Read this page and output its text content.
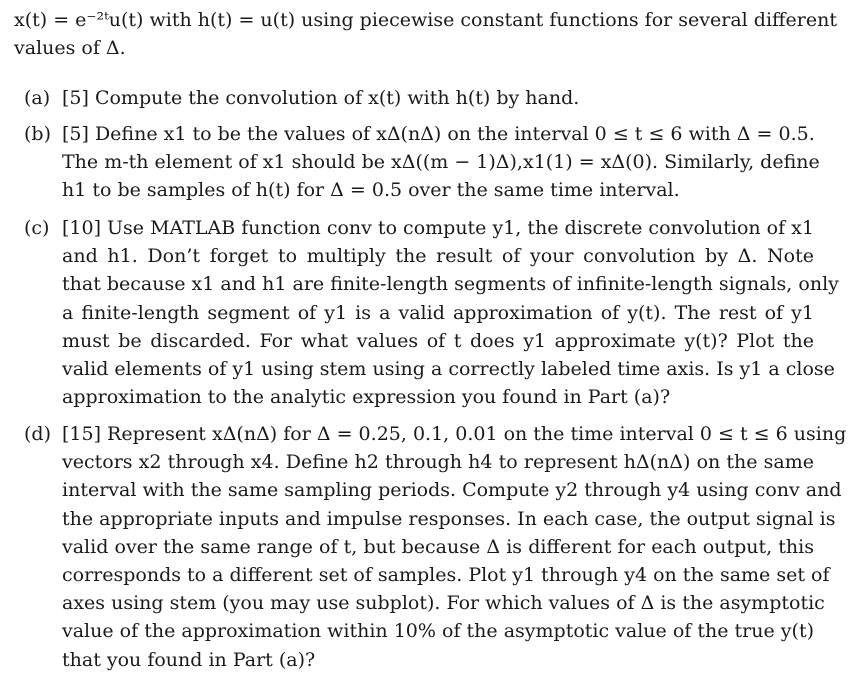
x(t) = e⁻²ᵗu(t) with h(t) = u(t) using piecewise constant functions for several different
values of Δ.
(a) [5] Compute the convolution of x(t) with h(t) by hand.
(b) [5] Define x1 to be the values of xΔ(nΔ) on the interval 0 ≤ t ≤ 6 with Δ = 0.5.
The m-th element of x1 should be xΔ((m − 1)Δ),x1(1) = xΔ(0). Similarly, define
h1 to be samples of h(t) for Δ = 0.5 over the same time interval.
(c) [10] Use MATLAB function conv to compute y1, the discrete convolution of x1
and h1. Don’t forget to multiply the result of your convolution by Δ. Note
that because x1 and h1 are finite-length segments of infinite-length signals, only
a finite-length segment of y1 is a valid approximation of y(t). The rest of y1
must be discarded. For what values of t does y1 approximate y(t)? Plot the
valid elements of y1 using stem using a correctly labeled time axis. Is y1 a close
approximation to the analytic expression you found in Part (a)?
(d) [15] Represent xΔ(nΔ) for Δ = 0.25, 0.1, 0.01 on the time interval 0 ≤ t ≤ 6 using
vectors x2 through x4. Define h2 through h4 to represent hΔ(nΔ) on the same
interval with the same sampling periods. Compute y2 through y4 using conv and
the appropriate inputs and impulse responses. In each case, the output signal is
valid over the same range of t, but because Δ is different for each output, this
corresponds to a different set of samples. Plot y1 through y4 on the same set of
axes using stem (you may use subplot). For which values of Δ is the asymptotic
value of the approximation within 10% of the asymptotic value of the true y(t)
that you found in Part (a)?
